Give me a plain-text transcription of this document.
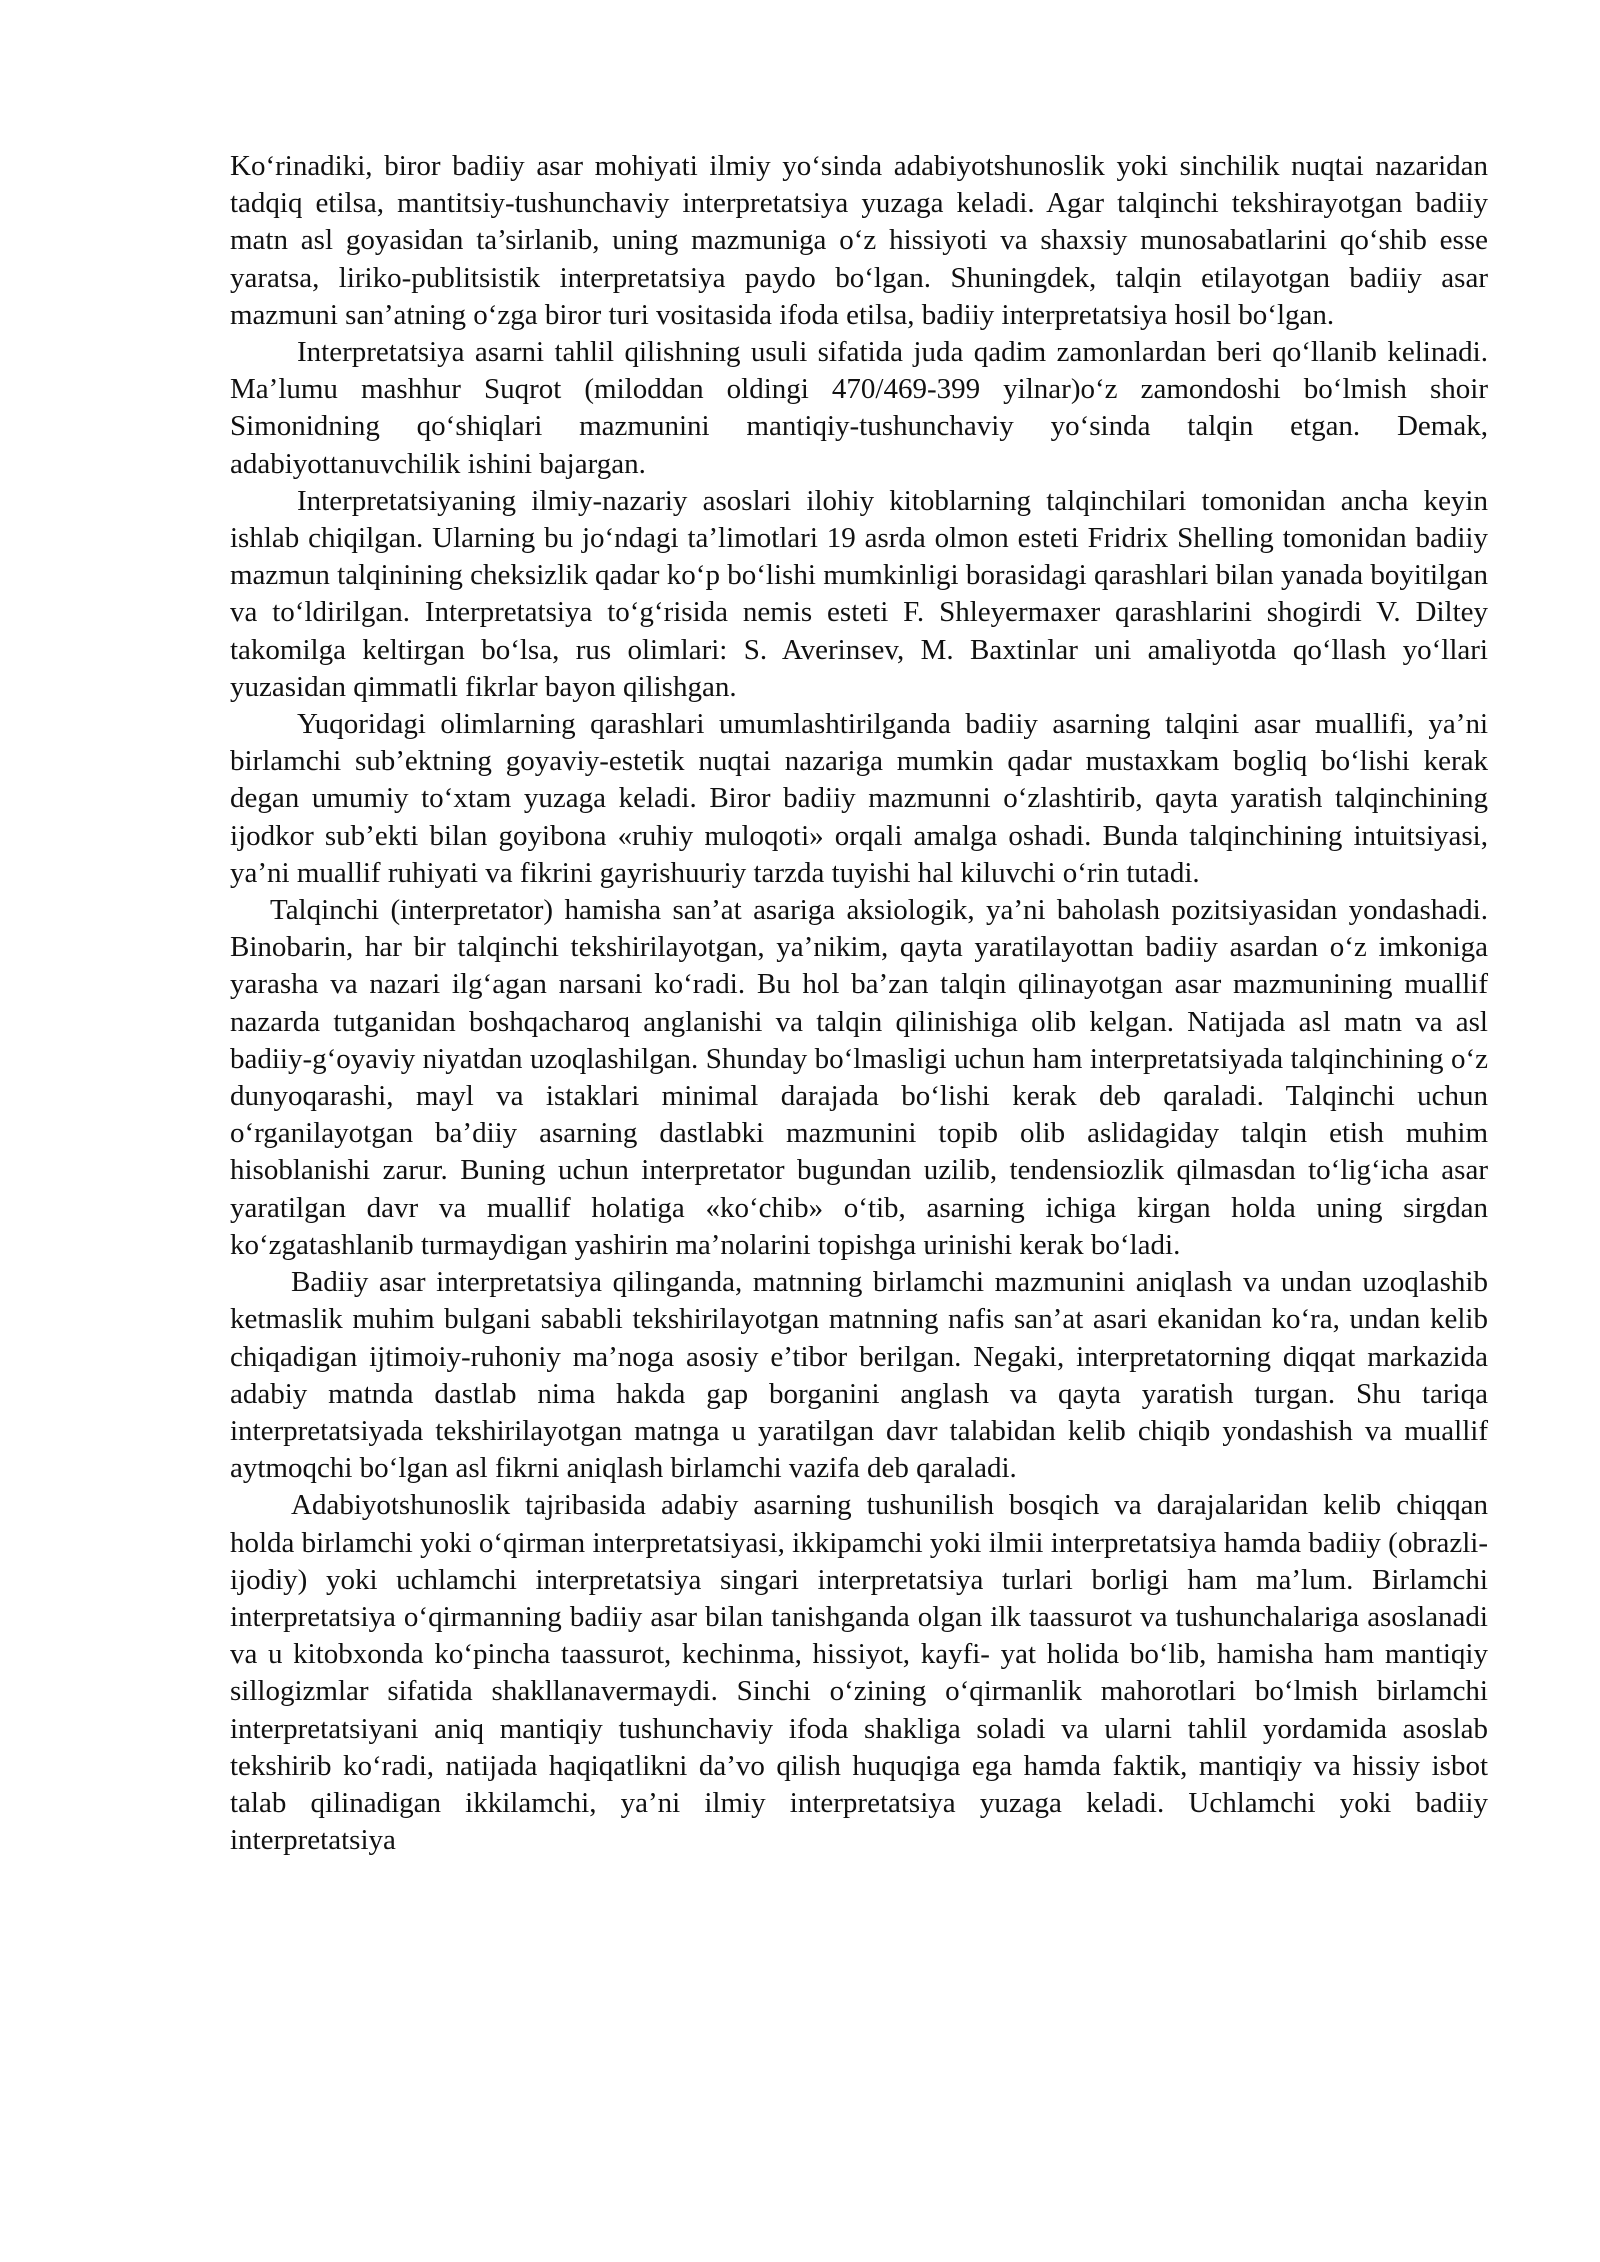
Ko‘rinadiki, biror badiiy asar mohiyati ilmiy yo‘sinda adabiyotshunoslik yoki sinchilik nuqtai nazaridan tadqiq etilsa, mantitsiy-tushunchaviy interpretatsiya yuzaga keladi. Agar talqinchi tekshirayotgan badiiy matn asl goyasidan ta’sirlanib, uning mazmuniga o‘z hissiyoti va shaxsiy munosabatlarini qo‘shib esse yaratsa, liriko-publitsistik interpretatsiya paydo bo‘lgan. Shuningdek, talqin etilayotgan badiiy asar mazmuni san’atning o‘zga biror turi vositasida ifoda etilsa, badiiy interpretatsiya hosil bo‘lgan.

Interpretatsiya asarni tahlil qilishning usuli sifatida juda qadim zamonlardan beri qo‘llanib kelinadi. Ma’lumu mashhur Suqrot (miloddan oldingi 470/469-399 yilnar)o‘z zamondoshi bo‘lmish shoir Simonidning qo‘shiqlari mazmunini mantiqiy-tushunchaviy yo‘sinda talqin etgan. Demak, adabiyottanuvchilik ishini bajargan.

Interpretatsiyaning ilmiy-nazariy asoslari ilohiy kitoblarning talqinchilari tomonidan ancha keyin ishlab chiqilgan. Ularning bu jo‘ndagi ta’limotlari 19 asrda olmon esteti Fridrix Shelling tomonidan badiiy mazmun talqinining cheksizlik qadar ko‘p bo‘lishi mumkinligi borasidagi qarashlari bilan yanada boyitilgan va to‘ldirilgan. Interpretatsiya to‘g‘risida nemis esteti F. Shleyermaxer qarashlarini shogirdi V. Diltey takomilga keltirgan bo‘lsa, rus olimlari: S. Averinsev, M. Baxtinlar uni amaliyotda qo‘llash yo‘llari yuzasidan qimmatli fikrlar bayon qilishgan.

Yuqoridagi olimlarning qarashlari umumlashtirilganda badiiy asarning talqini asar muallifi, ya’ni birlamchi sub’ektning goyaviy-estetik nuqtai nazariga mumkin qadar mustaxkam bogliq bo‘lishi kerak degan umumiy to‘xtam yuzaga keladi. Biror badiiy mazmunni o‘zlashtirib, qayta yaratish talqinchining ijodkor sub’ekti bilan goyibona «ruhiy muloqoti» orqali amalga oshadi. Bunda talqinchining intuitsiyasi, ya’ni muallif ruhiyati va fikrini gayrishuuriy tarzda tuyishi hal kiluvchi o‘rin tutadi.

Talqinchi (interpretator) hamisha san’at asariga aksiologik, ya’ni baholash pozitsiyasidan yondashadi. Binobarin, har bir talqinchi tekshirilayotgan, ya’nikim, qayta yaratilayottan badiiy asardan o‘z imkoniga yarasha va nazari ilg‘agan narsani ko‘radi. Bu hol ba’zan talqin qilinayotgan asar mazmunining muallif nazarda tutganidan boshqacharoq anglanishi va talqin qilinishiga olib kelgan. Natijada asl matn va asl badiiy-g‘oyaviy niyatdan uzoqlashilgan. Shunday bo‘lmasligi uchun ham interpretatsiyada talqinchining o‘z dunyoqarashi, mayl va istaklari minimal darajada bo‘lishi kerak deb qaraladi. Talqinchi uchun o‘rganilayotgan ba’diiy asarning dastlabki mazmunini topib olib aslidagiday talqin etish muhim hisoblanishi zarur. Buning uchun interpretator bugundan uzilib, tendensiozlik qilmasdan to‘lig‘icha asar yaratilgan davr va muallif holatiga «ko‘chib» o‘tib, asarning ichiga kirgan holda uning sirgdan ko‘zgatashlanib turmaydigan yashirin ma’nolarini topishga urinishi kerak bo‘ladi.

Badiiy asar interpretatsiya qilinganda, matnning birlamchi mazmunini aniqlash va undan uzoqlashib ketmaslik muhim bulgani sababli tekshirilayotgan matnning nafis san’at asari ekanidan ko‘ra, undan kelib chiqadigan ijtimoiy-ruhoniy ma’noga asosiy e’tibor berilgan. Negaki, interpretatorning diqqat markazida adabiy matnda dastlab nima hakda gap borganini anglash va qayta yaratish turgan. Shu tariqa interpretatsiyada tekshirilayotgan matnga u yaratilgan davr talabidan kelib chiqib yondashish va muallif aytmoqchi bo‘lgan asl fikrni aniqlash birlamchi vazifa deb qaraladi.

Adabiyotshunoslik tajribasida adabiy asarning tushunilish bosqich va darajalaridan kelib chiqqan holda birlamchi yoki o‘qirman interpretatsiyasi, ikkipamchi yoki ilmii interpretatsiya hamda badiiy (obrazli-ijodiy) yoki uchlamchi interpretatsiya singari interpretatsiya turlari borligi ham ma’lum. Birlamchi interpretatsiya o‘qirmanning badiiy asar bilan tanishganda olgan ilk taassurot va tushunchalariga asoslanadi va u kitobxonda ko‘pincha taassurot, kechinma, hissiyot, kayfi- yat holida bo‘lib, hamisha ham mantiqiy sillogizmlar sifatida shakllanavermaydi. Sinchi o‘zining o‘qirmanlik mahorotlari bo‘lmish birlamchi interpretatsiyani aniq mantiqiy tushunchaviy ifoda shakliga soladi va ularni tahlil yordamida asoslab tekshirib ko‘radi, natijada haqiqatlikni da’vo qilish huquqiga ega hamda faktik, mantiqiy va hissiy isbot talab qilinadigan ikkilamchi, ya’ni ilmiy interpretatsiya yuzaga keladi. Uchlamchi yoki badiiy interpretatsiya
